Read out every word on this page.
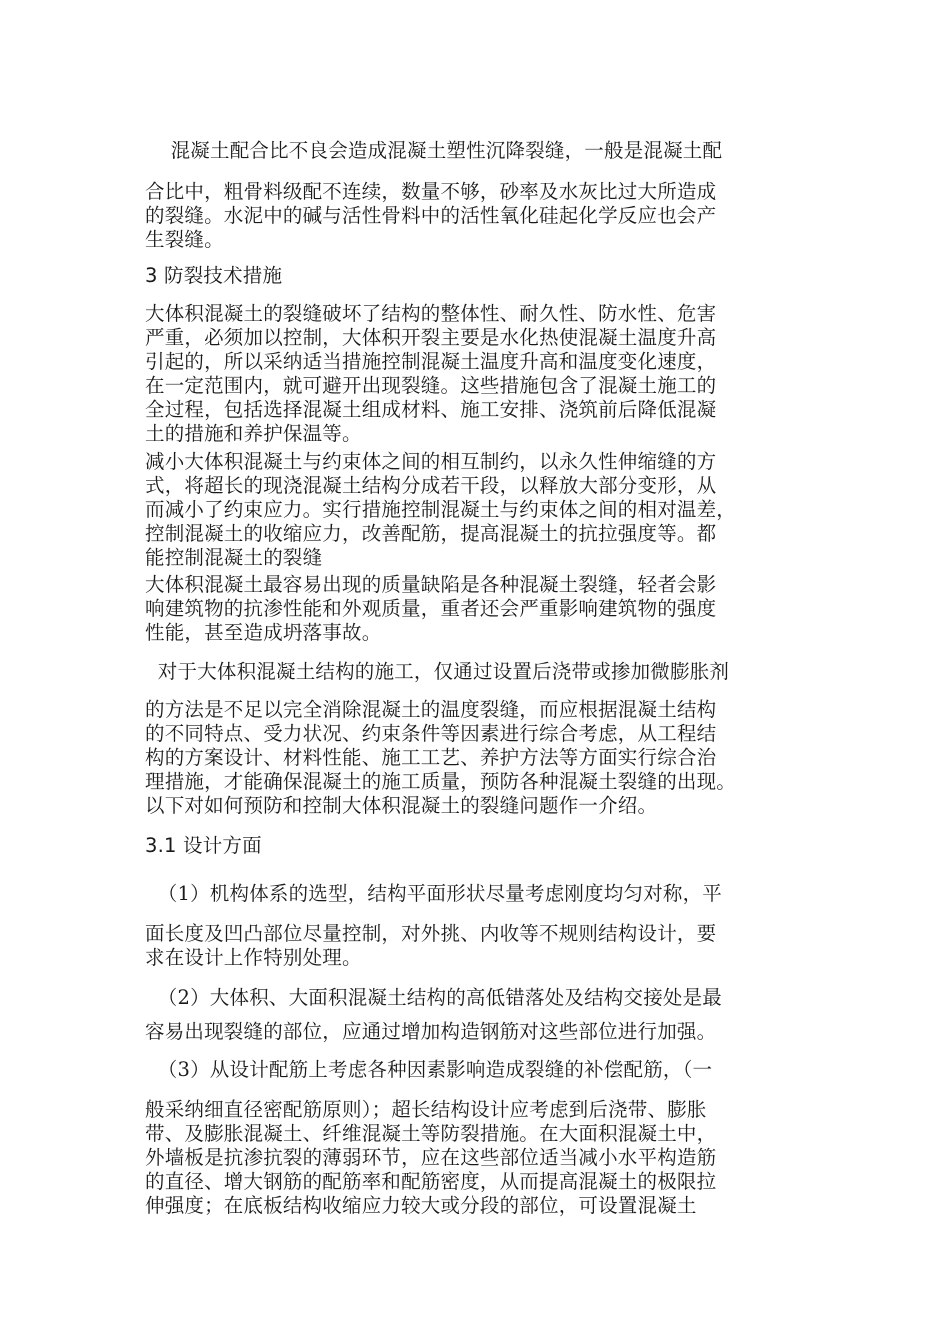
混凝土配合比不良会造成混凝土塑性沉降裂缝，一般是混凝土配
合比中，粗骨料级配不连续，数量不够，砂率及水灰比过大所造成
的裂缝。水泥中的碱与活性骨料中的活性氧化硅起化学反应也会产
生裂缝。
3 防裂技术措施
大体积混凝土的裂缝破坏了结构的整体性、耐久性、防水性、危害
严重，必须加以控制，大体积开裂主要是水化热使混凝土温度升高
引起的，所以采纳适当措施控制混凝土温度升高和温度变化速度，
在一定范围内，就可避开出现裂缝。这些措施包含了混凝土施工的
全过程，包括选择混凝土组成材料、施工安排、浇筑前后降低混凝
土的措施和养护保温等。
减小大体积混凝土与约束体之间的相互制约，以永久性伸缩缝的方
式，将超长的现浇混凝土结构分成若干段，以释放大部分变形，从
而减小了约束应力。实行措施控制混凝土与约束体之间的相对温差，
控制混凝土的收缩应力，改善配筋，提高混凝土的抗拉强度等。都
能控制混凝土的裂缝
大体积混凝土最容易出现的质量缺陷是各种混凝土裂缝，轻者会影
响建筑物的抗渗性能和外观质量，重者还会严重影响建筑物的强度
性能，甚至造成坍落事故。
对于大体积混凝土结构的施工，仅通过设置后浇带或掺加微膨胀剂
的方法是不足以完全消除混凝土的温度裂缝，而应根据混凝土结构
的不同特点、受力状况、约束条件等因素进行综合考虑，从工程结
构的方案设计、材料性能、施工工艺、养护方法等方面实行综合治
理措施，才能确保混凝土的施工质量，预防各种混凝土裂缝的出现。
以下对如何预防和控制大体积混凝土的裂缝问题作一介绍。
3.1 设计方面
（1）机构体系的选型，结构平面形状尽量考虑刚度均匀对称，平
面长度及凹凸部位尽量控制，对外挑、内收等不规则结构设计，要
求在设计上作特别处理。
（2）大体积、大面积混凝土结构的高低错落处及结构交接处是最
容易出现裂缝的部位，应通过增加构造钢筋对这些部位进行加强。
（3）从设计配筋上考虑各种因素影响造成裂缝的补偿配筋，（一
般采纳细直径密配筋原则）；超长结构设计应考虑到后浇带、膨胀
带、及膨胀混凝土、纤维混凝土等防裂措施。在大面积混凝土中，
外墙板是抗渗抗裂的薄弱环节，应在这些部位适当减小水平构造筋
的直径、增大钢筋的配筋率和配筋密度，从而提高混凝土的极限拉
伸强度；在底板结构收缩应力较大或分段的部位，可设置混凝土
